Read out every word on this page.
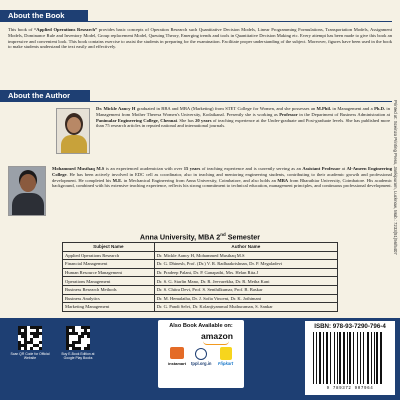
About the Book
This book of “Applied Operations Research” provides basic concepts of Operation Research such Quantitative Decision Models, Linear Programming Formulations, Transportation Models, Assignment Models, Dominance Rule and Inventory Model, Group replacement Model, Queuing Theory, Emerging trends and tools in Quantitative Decision Making etc. Every attempt has been made to give this book an impressive and convenient look. This book contains exercise to assist the students in preparing for the examination. Facilitate proper understanding of the subject. Moreover, figures have been used in the book to make students understand the text easily and effectively.
About the Author
Dr. Mickle Aancy H graduated in BBA and MBA (Marketing) from STET College for Women, and she possesses an M.Phil. in Management and a Ph.D. in Management from Mother Theresa Women's University, Kodaikanal. Presently she is working as Professor in the Department of Business Administration at Panimalar Engineering College, Chennai. She has 20 years of teaching experience at the Under-graduate and Post-graduate levels. She has published more than 75 research articles in reputed national and international journals.
Mohammed Musthaq M.S is an experienced academician with over 15 years of teaching experience and is currently serving as an Assistant Professor at Al-Ameen Engineering College. He has been actively involved in EDC cell as coordinator, also in teaching and mentoring engineering students, contributing to their academic growth and professional development. He completed his M.E. in Mechanical Engineering from Anna University, Coimbatore, and also holds an MBA from Bharathiar University, Coimbatore. His academic background, combined with his extensive teaching experience, reflects his strong commitment to technical education, management principles, and continuous professional development. Printed at: Sceinzo Printing Press, Jankipuram, Lucknow, Mob.: 7233(51)56/5407
Anna University, MBA 2nd Semester
Subject Name	Author Name
Applied Operations Research	Dr. Mickle Aancy H, Mohammed Musthaq M.S
Financial Management	Dr. G. Dhinesh, Prof. (Dr.) V. R. Radhaakrishnan, Dr. P. Megaladevi
Human Resource Management	Dr. Pradeep Palani, Dr. P. Ganapathi, Mrs. Helan Rita.J
Operations Management	Dr. S. G. Starlin Mano, Dr. R. Jeevarekha, Dr. R. Metha Kani
Business Research Methods	Dr. S. Chitra Devi, Prof. S. Senthilkumar, Prof. B. Baskar
Business Analytics	Dr. M. Hemalatha, Dr. J. Sofia Vincent, Dr. K. Jothimani
Marketing Management	Dr. G. Pandi Selvi, Dr. Kolanjiyammal Muthuraman, S. Sankar
Scan QR Code for Official Website
Buy E-Book Edition at Google Play Books
Also Book Available on:
amazon
instamart tppl.org.in Flipkart
ISBN: 978-93-7290-796-4
9 789372 907964
